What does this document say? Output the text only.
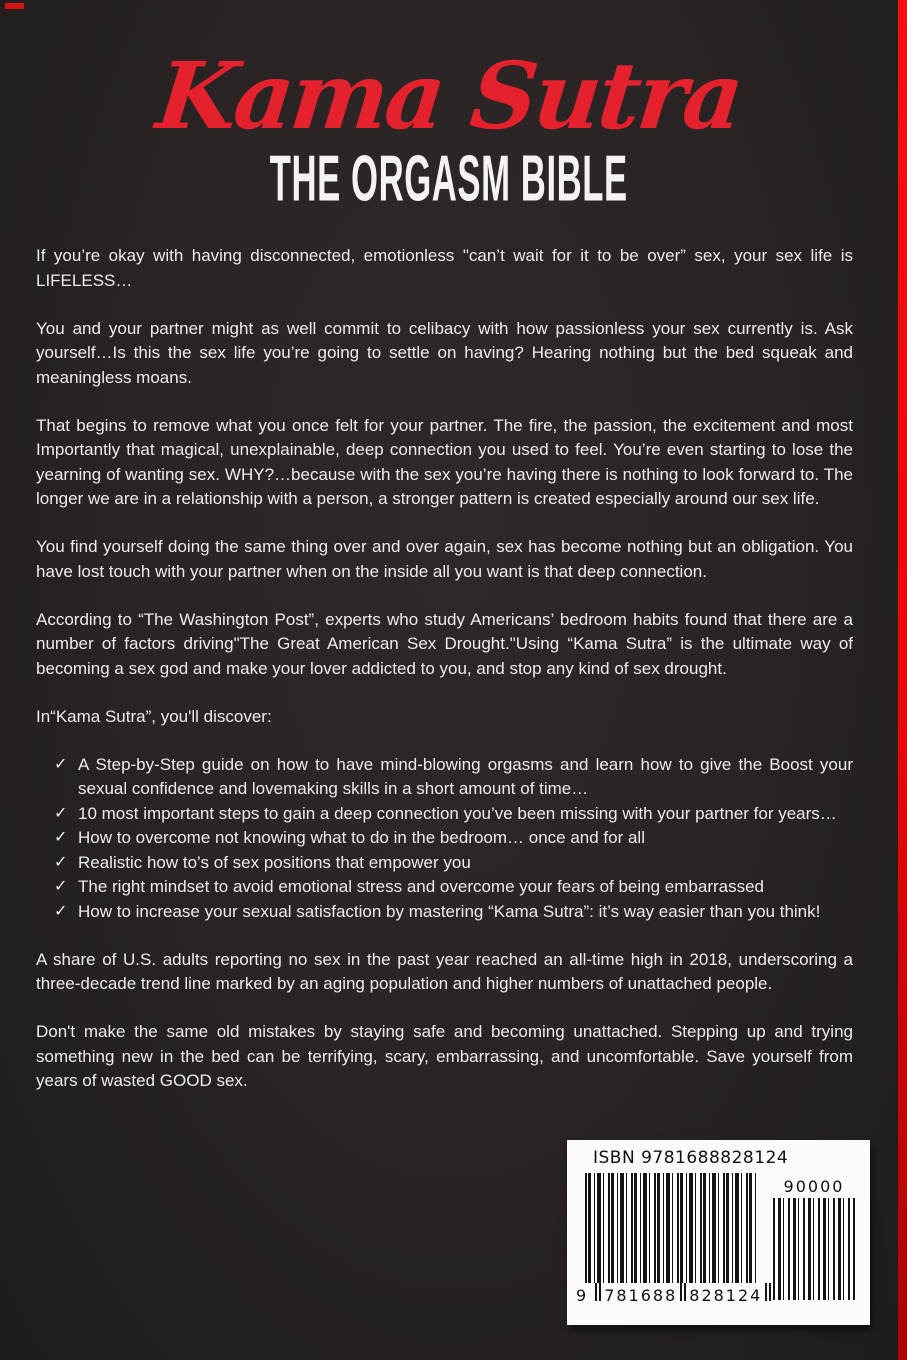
Kama Sutra
THE ORGASM BIBLE

If you’re okay with having disconnected, emotionless "can’t wait for it to be over” sex, your sex life is LIFELESS…

You and your partner might as well commit to celibacy with how passionless your sex currently is. Ask yourself…Is this the sex life you’re going to settle on having? Hearing nothing but the bed squeak and meaningless moans.

That begins to remove what you once felt for your partner. The fire, the passion, the excitement and most Importantly that magical, unexplainable, deep connection you used to feel. You’re even starting to lose the yearning of wanting sex. WHY?…because with the sex you’re having there is nothing to look forward to. The longer we are in a relationship with a person, a stronger pattern is created especially around our sex life.

You find yourself doing the same thing over and over again, sex has become nothing but an obligation. You have lost touch with your partner when on the inside all you want is that deep connection.

According to “The Washington Post”, experts who study Americans’ bedroom habits found that there are a number of factors driving"The Great American Sex Drought."Using “Kama Sutra” is the ultimate way of becoming a sex god and make your lover addicted to you, and stop any kind of sex drought.

In“Kama Sutra”, you'll discover:

✓ A Step-by-Step guide on how to have mind-blowing orgasms and learn how to give the Boost your sexual confidence and lovemaking skills in a short amount of time…
✓ 10 most important steps to gain a deep connection you’ve been missing with your partner for years…
✓ How to overcome not knowing what to do in the bedroom… once and for all
✓ Realistic how to’s of sex positions that empower you
✓ The right mindset to avoid emotional stress and overcome your fears of being embarrassed
✓ How to increase your sexual satisfaction by mastering “Kama Sutra”: it’s way easier than you think!

A share of U.S. adults reporting no sex in the past year reached an all-time high in 2018, underscoring a three-decade trend line marked by an aging population and higher numbers of unattached people.

Don't make the same old mistakes by staying safe and becoming unattached. Stepping up and trying something new in the bed can be terrifying, scary, embarrassing, and uncomfortable. Save yourself from years of wasted GOOD sex.

ISBN 9781688828124
9 781688 828124
90000
